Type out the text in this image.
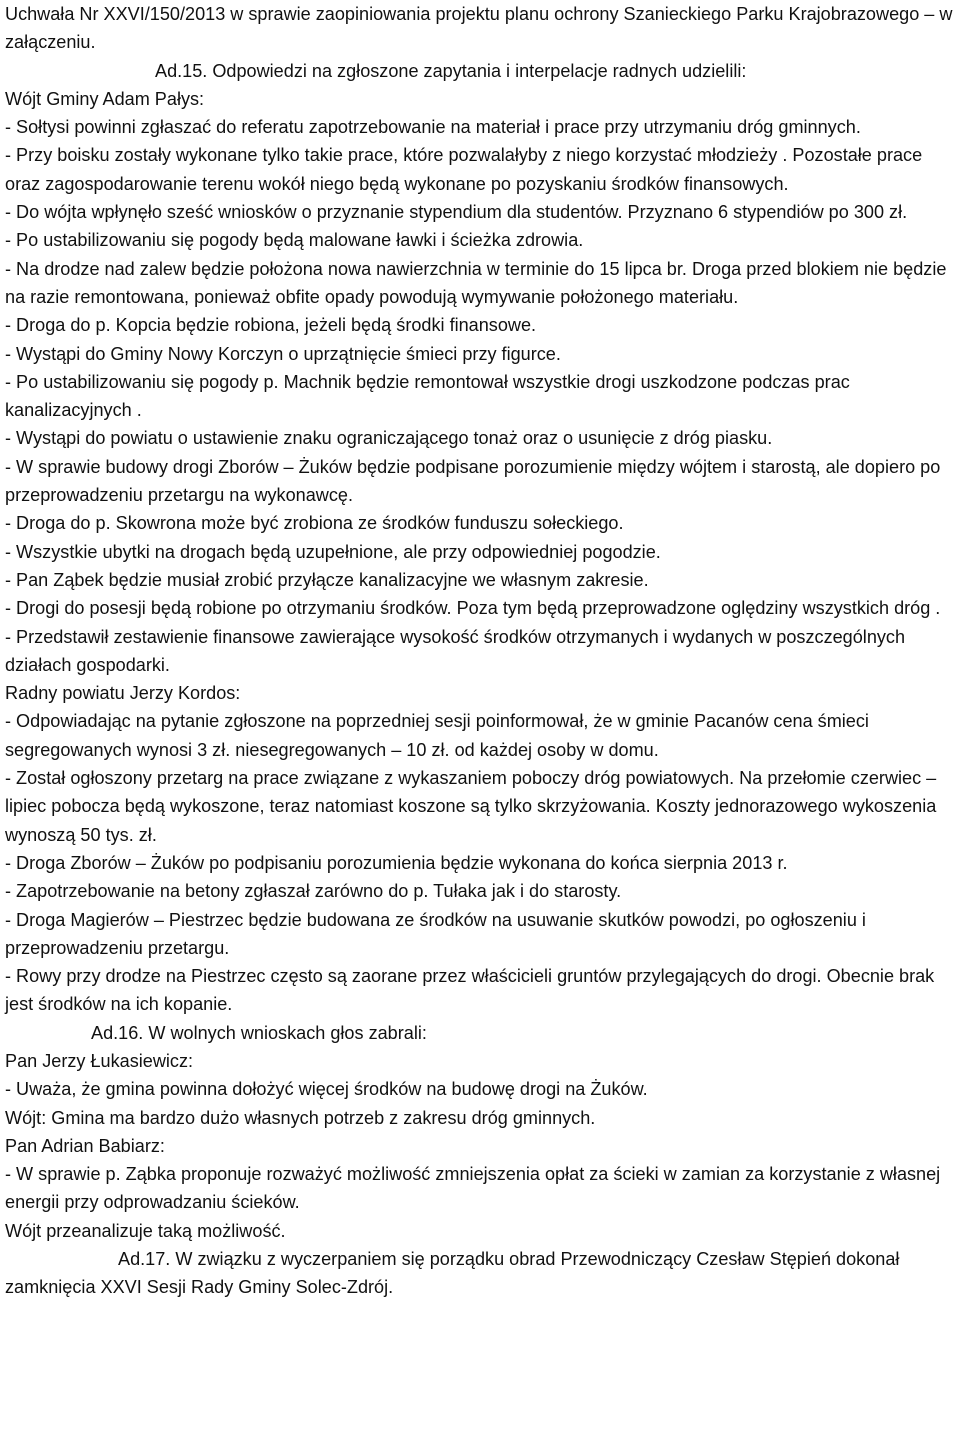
Uchwała Nr XXVI/150/2013 w sprawie zaopiniowania projektu planu ochrony Szanieckiego Parku Krajobrazowego – w załączeniu.

Ad.15. Odpowiedzi na zgłoszone zapytania i interpelacje radnych udzielili:

Wójt Gminy Adam Pałys:

- Sołtysi powinni zgłaszać do referatu zapotrzebowanie na materiał i prace przy utrzymaniu dróg gminnych.

- Przy boisku zostały wykonane tylko takie prace, które pozwalałyby z niego korzystać młodzieży . Pozostałe prace oraz zagospodarowanie terenu wokół niego będą wykonane po pozyskaniu środków finansowych.

- Do wójta wpłynęło sześć wniosków o przyznanie stypendium dla studentów. Przyznano 6 stypendiów po 300 zł.

- Po ustabilizowaniu się pogody będą malowane ławki i ścieżka zdrowia.

- Na drodze nad zalew będzie położona nowa nawierzchnia w terminie do 15 lipca br. Droga przed blokiem nie będzie na razie remontowana, ponieważ obfite opady powodują wymywanie położonego materiału.

- Droga do p. Kopcia będzie robiona, jeżeli będą środki finansowe.

- Wystąpi do Gminy Nowy Korczyn o uprzątnięcie śmieci przy figurce.

- Po ustabilizowaniu się pogody p. Machnik będzie remontował wszystkie drogi uszkodzone podczas prac kanalizacyjnych .

- Wystąpi do powiatu o ustawienie znaku ograniczającego tonaż oraz o usunięcie z dróg piasku.

- W sprawie budowy drogi Zborów – Żuków będzie podpisane porozumienie między wójtem i starostą, ale dopiero po przeprowadzeniu przetargu na wykonawcę.

- Droga do p. Skowrona może być zrobiona ze środków funduszu sołeckiego.

- Wszystkie ubytki na drogach będą uzupełnione, ale przy odpowiedniej pogodzie.

- Pan Ząbek będzie musiał zrobić przyłącze kanalizacyjne we własnym zakresie.

- Drogi do posesji będą robione po otrzymaniu środków. Poza tym będą przeprowadzone oględziny wszystkich dróg .

- Przedstawił zestawienie finansowe zawierające wysokość środków otrzymanych i wydanych w poszczególnych działach gospodarki.

Radny powiatu Jerzy Kordos:

- Odpowiadając na pytanie zgłoszone na poprzedniej sesji poinformował, że w gminie Pacanów cena śmieci segregowanych wynosi 3 zł. niesegregowanych – 10 zł. od każdej osoby w domu.

- Został ogłoszony przetarg na prace związane z wykaszaniem poboczy dróg powiatowych. Na przełomie czerwiec – lipiec pobocza będą wykoszone, teraz natomiast koszone są tylko skrzyżowania. Koszty jednorazowego wykoszenia wynoszą 50 tys. zł.

- Droga Zborów – Żuków po podpisaniu porozumienia będzie wykonana do końca sierpnia 2013 r.

- Zapotrzebowanie na betony zgłaszał zarówno do p. Tułaka jak i do starosty.

- Droga Magierów – Piestrzec będzie budowana ze środków na usuwanie skutków powodzi, po ogłoszeniu i przeprowadzeniu przetargu.

- Rowy przy drodze na Piestrzec często są zaorane przez właścicieli gruntów przylegających do drogi. Obecnie brak jest środków na ich kopanie.

Ad.16. W wolnych wnioskach głos zabrali:

Pan Jerzy Łukasiewicz:

- Uważa, że gmina powinna dołożyć więcej środków na budowę drogi na Żuków.

Wójt: Gmina ma bardzo dużo własnych potrzeb z zakresu dróg gminnych.

Pan Adrian Babiarz:

- W sprawie p. Ząbka proponuje rozważyć możliwość zmniejszenia opłat za ścieki w zamian za korzystanie z własnej energii przy odprowadzaniu ścieków.

Wójt przeanalizuje taką możliwość.

Ad.17. W związku z wyczerpaniem się porządku obrad Przewodniczący Czesław Stępień dokonał zamknięcia XXVI Sesji Rady Gminy Solec-Zdrój.
